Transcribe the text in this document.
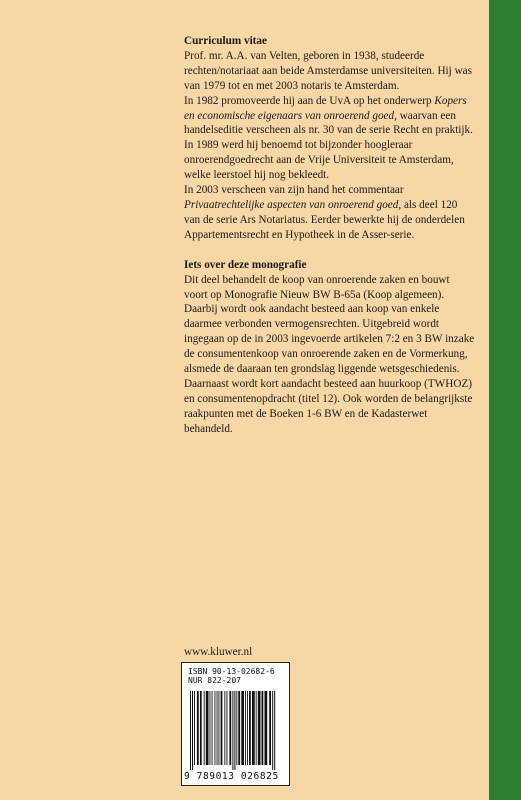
Curriculum vitae

Prof. mr. A.A. van Velten, geboren in 1938, studeerde rechten/notariaat aan beide Amsterdamse universiteiten. Hij was van 1979 tot en met 2003 notaris te Amsterdam.

In 1982 promoveerde hij aan de UvA op het onderwerp Kopers en economische eigenaars van onroerend goed, waarvan een handelseditie verscheen als nr. 30 van de serie Recht en praktijk.

In 1989 werd hij benoemd tot bijzonder hoogleraar onroerendgoedrecht aan de Vrije Universiteit te Amsterdam, welke leerstoel hij nog bekleedt.

In 2003 verscheen van zijn hand het commentaar Privaatrechtelijke aspecten van onroerend goed, als deel 120 van de serie Ars Notariatus. Eerder bewerkte hij de onderdelen Appartementsrecht en Hypotheek in de Asser-serie.

Iets over deze monografie

Dit deel behandelt de koop van onroerende zaken en bouwt voort op Monografie Nieuw BW B-65a (Koop algemeen). Daarbij wordt ook aandacht besteed aan koop van enkele daarmee verbonden vermogensrechten. Uitgebreid wordt ingegaan op de in 2003 ingevoerde artikelen 7:2 en 3 BW inzake de consumentenkoop van onroerende zaken en de Vormerkung, alsmede de daaraan ten grondslag liggende wetsgeschiedenis. Daarnaast wordt kort aandacht besteed aan huurkoop (TWHOZ) en consumentenopdracht (titel 12). Ook worden de belangrijkste raakpunten met de Boeken 1-6 BW en de Kadasterwet behandeld.

www.kluwer.nl
ISBN 90-13-02682-6
NUR 822-207
9 789013 026825
